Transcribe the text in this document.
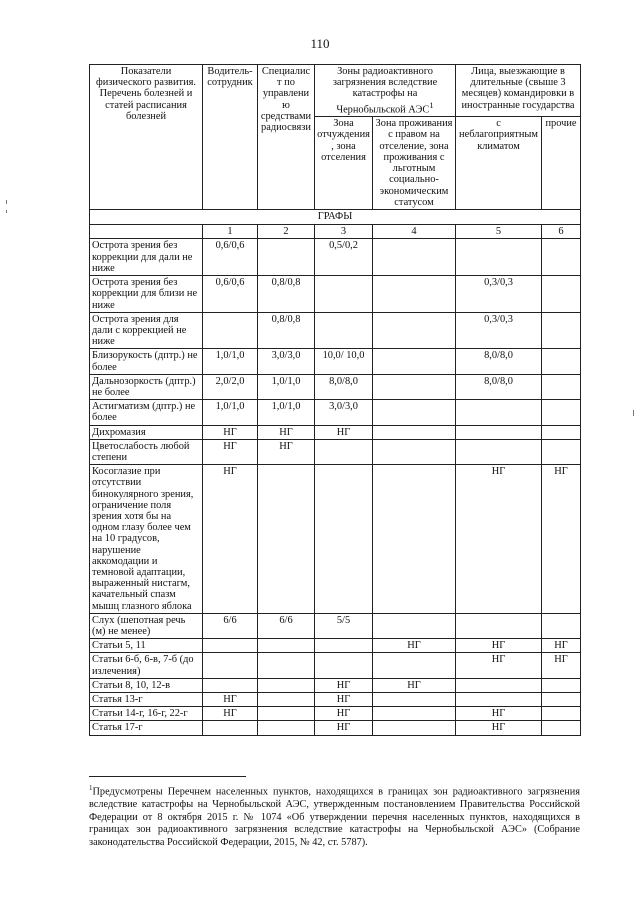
110
Показатели физического развития. Перечень болезней и статей расписания болезней	Водитель-сотрудник	Специалист по управлению средствами радиосвязи	Зоны радиоактивного загрязнения вследствие катастрофы на Чернобыльской АЭС$^1$		Лица, выезжающие в длительные (свыше 3 месяцев) командировки в иностранные государства	
			Зона отчуждения, зона отселения	Зона проживания с правом на отселение, зона проживания с льготным социально-экономическим статусом	с неблагоприятным климатом	прочие

ГРАФЫ						
	1	2	3	4	5	6
Острота зрения без коррекции для дали не ниже	0,6/0,6		0,5/0,2			
Острота зрения без коррекции для близи не ниже	0,6/0,6	0,8/0,8			0,3/0,3	
Острота зрения для дали с коррекцией не ниже		0,8/0,8			0,3/0,3	
Близорукость (дптр.) не более	1,0/1,0	3,0/3,0	10,0/ 10,0		8,0/8,0	
Дальнозоркость (дптр.) не более	2,0/2,0	1,0/1,0	8,0/8,0		8,0/8,0	
Астигматизм (дптр.) не более	1,0/1,0	1,0/1,0	3,0/3,0			
Дихромазия	НГ	НГ	НГ			
Цветослабость любой степени	НГ	НГ				
Косоглазие при отсутствии бинокулярного зрения, ограничение поля зрения хотя бы на одном глазу более чем на 10 градусов, нарушение аккомодации и темновой адаптации, выраженный нистагм, качательный спазм мышц глазного яблока	НГ				НГ	НГ
Слух (шепотная речь (м) не менее)	6/6	6/6	5/5			
Статьи 5, 11				НГ	НГ	НГ
Статьи 6-б, 6-в, 7-б (до излечения)					НГ	НГ
Статьи 8, 10, 12-в			НГ	НГ		
Статья 13-г	НГ		НГ			
Статьи 14-г, 16-г, 22-г	НГ		НГ		НГ	
Статья 17-г			НГ		НГ	
$^1$Предусмотрены Перечнем населенных пунктов, находящихся в границах зон радиоактивного загрязнения вследствие катастрофы на Чернобыльской АЭС, утвержденным постановлением Правительства Российской Федерации от 8 октября 2015 г. № 1074 «Об утверждении перечня населенных пунктов, находящихся в границах зон радиоактивного загрязнения вследствие катастрофы на Чернобыльской АЭС» (Собрание законодательства Российской Федерации, 2015, № 42, ст. 5787).
